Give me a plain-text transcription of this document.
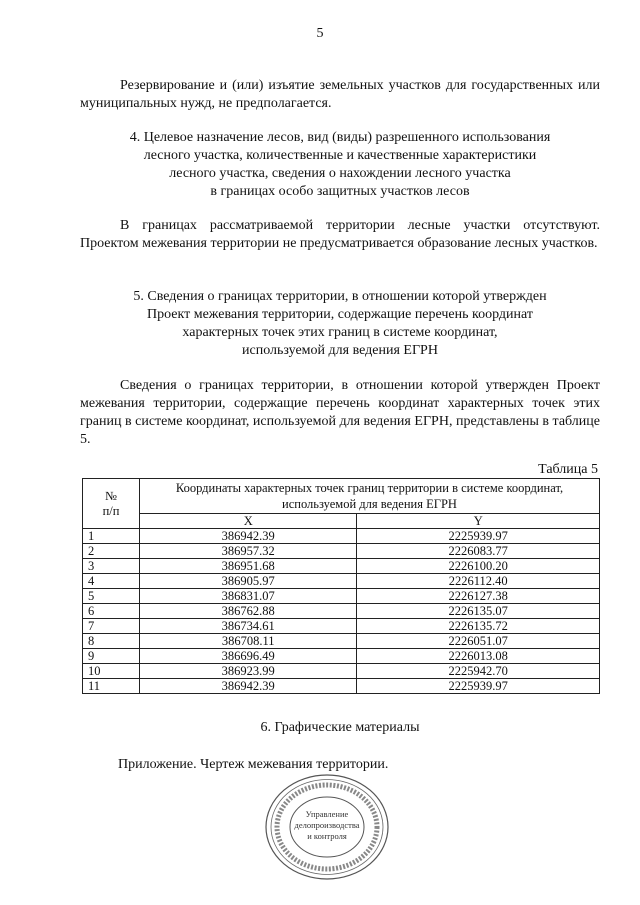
5
Резервирование и (или) изъятие земельных участков для государственных или муниципальных нужд, не предполагается.
4. Целевое назначение лесов, вид (виды) разрешенного использования
лесного участка, количественные и качественные характеристики
лесного участка, сведения о нахождении лесного участка
в границах особо защитных участков лесов
В границах рассматриваемой территории лесные участки отсутствуют. Проектом межевания территории не предусматривается образование лесных участков.
5. Сведения о границах территории, в отношении которой утвержден
Проект межевания территории, содержащие перечень координат
характерных точек этих границ в системе координат,
используемой для ведения ЕГРН
Сведения о границах территории, в отношении которой утвержден Проект межевания территории, содержащие перечень координат характерных точек этих границ в системе координат, используемой для ведения ЕГРН, представлены в таблице 5.
Таблица 5
№
п/п	Координаты характерных точек границ территории в системе координат, используемой для ведения ЕГРН	
	X	Y
1	386942.39	2225939.97
2	386957.32	2226083.77
3	386951.68	2226100.20
4	386905.97	2226112.40
5	386831.07	2226127.38
6	386762.88	2226135.07
7	386734.61	2226135.72
8	386708.11	2226051.07
9	386696.49	2226013.08
10	386923.99	2225942.70
11	386942.39	2225939.97
6. Графические материалы
Приложение. Чертеж межевания территории.
Управление
делопроизводства
и контроля
